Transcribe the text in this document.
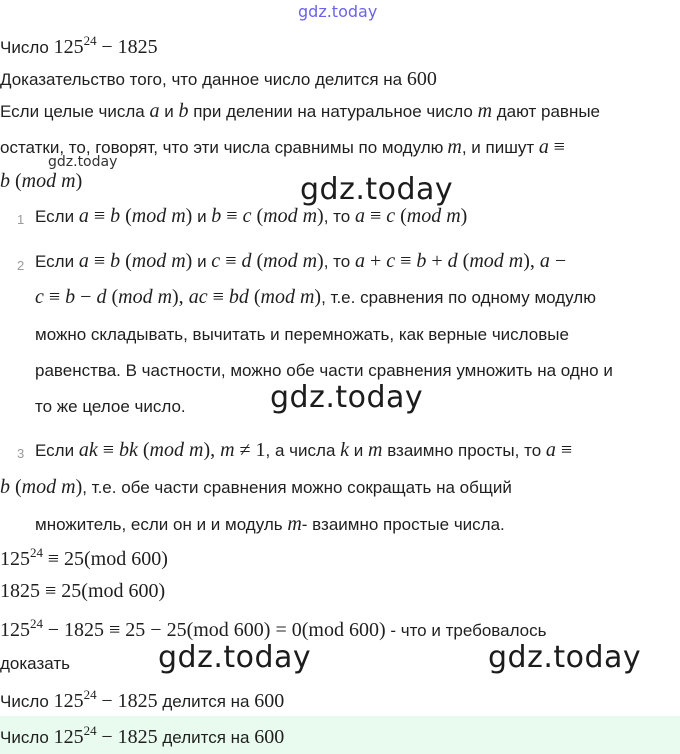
gdz.today
Число $125^{24} - 1825$
Доказательство того, что данное число делится на 600
Если целые числа a и b при делении на натуральное число m дают равные
остатки, то, говорят, что эти числа сравнимы по модулю m, и пишут a ≡
gdz.today
b (mod m)	gdz.today
1 Если a ≡ b (mod m) и b ≡ c (mod m), то a ≡ c (mod m)
2 Если a ≡ b (mod m) и c ≡ d (mod m), то a + c ≡ b + d (mod m), a −
c ≡ b − d (mod m), ac ≡ bd (mod m), т.е. сравнения по одному модулю
можно складывать, вычитать и перемножать, как верные числовые
равенства. В частности, можно обе части сравнения умножить на одно и
то же целое число.	gdz.today
3 Если ak ≡ bk (mod m), m ≠ 1, а числа k и m взаимно просты, то a ≡
b (mod m), т.е. обе части сравнения можно сокращать на общий
множитель, если он и и модуль m- взаимно простые числа.
$125^{24} \equiv 25(mod$ 600)
1825 ≡ 25(mod 600)
$125^{24} - 1825 \equiv 25 - 25(mod$ 600) = 0(mod 600) - что и требовалось
доказать	gdz.today	gdz.today
Число $125^{24} - 1825$ делится на 600
Число $125^{24} - 1825$ делится на 600
